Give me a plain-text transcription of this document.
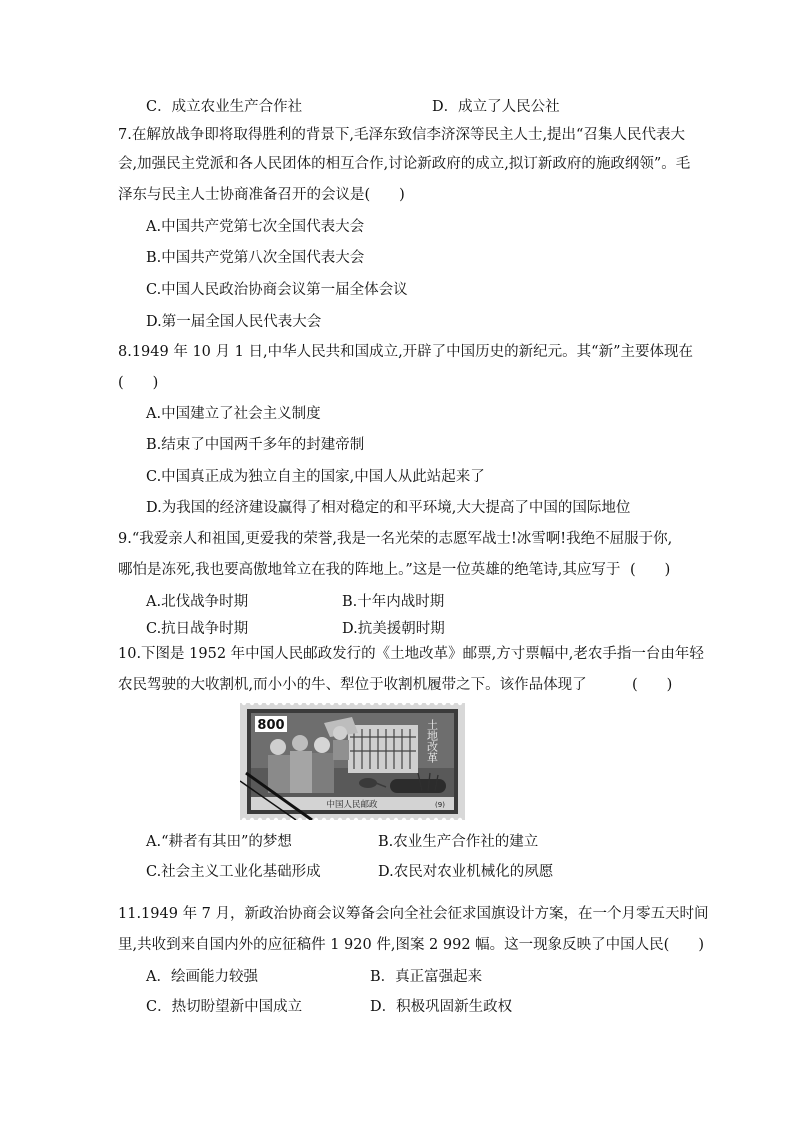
C．成立农业生产合作社	D．成立了人民公社
7.在解放战争即将取得胜利的背景下,毛泽东致信李济深等民主人士,提出“召集人民代表大
会,加强民主党派和各人民团体的相互合作,讨论新政府的成立,拟订新政府的施政纲领”。毛
泽东与民主人士协商准备召开的会议是(　　)
A.中国共产党第七次全国代表大会
B.中国共产党第八次全国代表大会
C.中国人民政治协商会议第一届全体会议
D.第一届全国人民代表大会
8.1949 年 10 月 1 日,中华人民共和国成立,开辟了中国历史的新纪元。其“新”主要体现在
(　　)
A.中国建立了社会主义制度
B.结束了中国两千多年的封建帝制
C.中国真正成为独立自主的国家,中国人从此站起来了
D.为我国的经济建设赢得了相对稳定的和平环境,大大提高了中国的国际地位
9.“我爱亲人和祖国,更爱我的荣誉,我是一名光荣的志愿军战士!冰雪啊!我绝不屈服于你,
哪怕是冻死,我也要高傲地耸立在我的阵地上。”这是一位英雄的绝笔诗,其应写于 (　　)
A.北伐战争时期	B.十年内战时期
C.抗日战争时期	D.抗美援朝时期
10.下图是 1952 年中国人民邮政发行的《土地改革》邮票,方寸票幅中,老农手指一台由年轻
农民驾驶的大收割机,而小小的牛、犁位于收割机履带之下。该作品体现了	(　　)
800	土地改革
中国人民邮政	(9)
A.“耕者有其田”的梦想	B.农业生产合作社的建立
C.社会主义工业化基础形成	D.农民对农业机械化的夙愿
11.1949 年 7 月，新政治协商会议筹备会向全社会征求国旗设计方案，在一个月零五天时间
里,共收到来自国内外的应征稿件 1 920 件,图案 2 992 幅。这一现象反映了中国人民(　　)
A．绘画能力较强	B．真正富强起来
C．热切盼望新中国成立	D．积极巩固新生政权
